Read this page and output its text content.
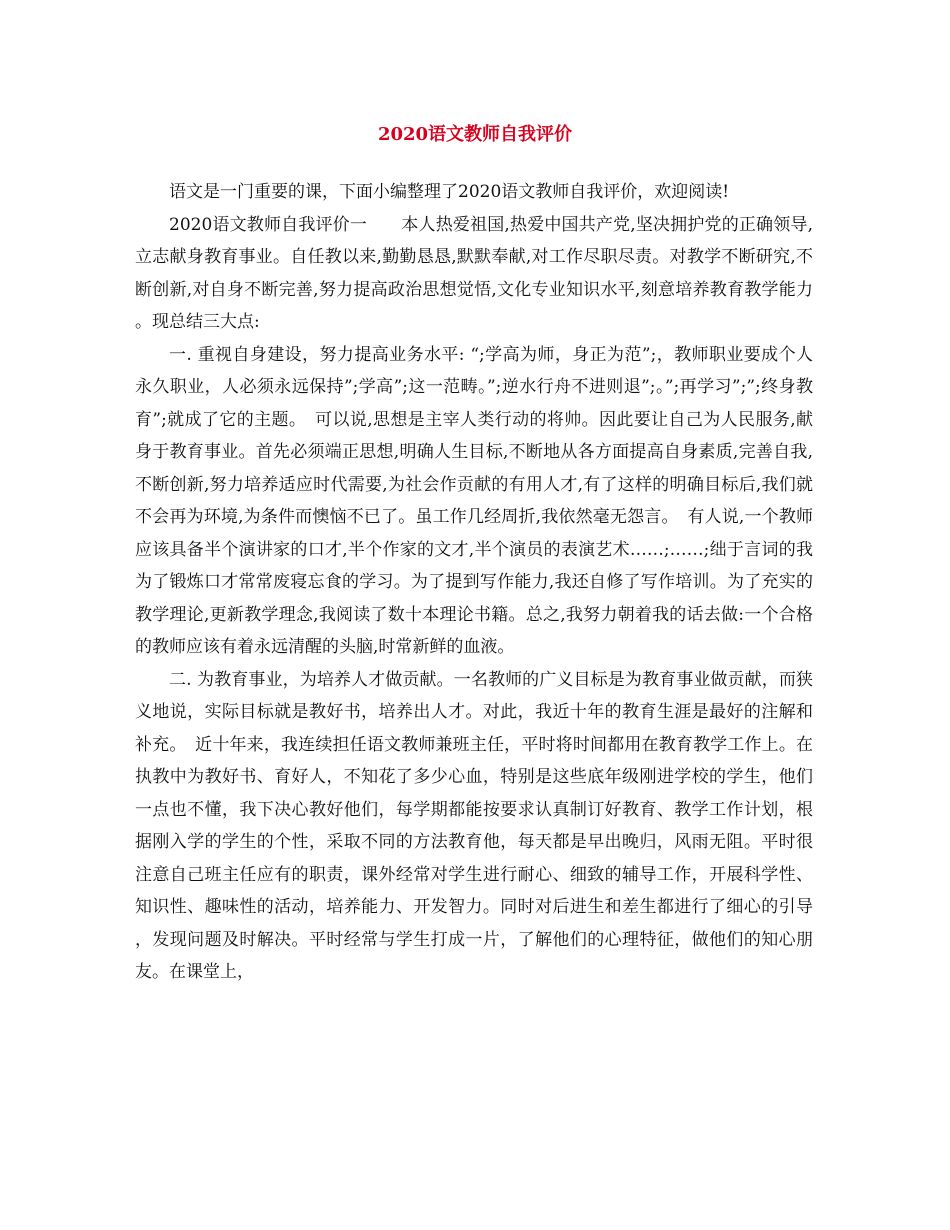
2020语文教师自我评价

语文是一门重要的课，下面小编整理了2020语文教师自我评价，欢迎阅读!

2020语文教师自我评价一　　本人热爱祖国,热爱中国共产党,坚决拥护党的正确领导,立志献身教育事业。自任教以来,勤勤恳恳,默默奉献,对工作尽职尽责。对教学不断研究,不断创新,对自身不断完善,努力提高政治思想觉悟,文化专业知识水平,刻意培养教育教学能力。现总结三大点:

一. 重视自身建设，努力提高业务水平: “;学高为师，身正为范”;，教师职业要成个人永久职业，人必须永远保持”;学高”;这一范畴。”;逆水行舟不进则退”;。”;再学习”;”;终身教育”;就成了它的主题。　可以说,思想是主宰人类行动的将帅。因此要让自己为人民服务,献身于教育事业。首先必须端正思想,明确人生目标,不断地从各方面提高自身素质,完善自我,不断创新,努力培养适应时代需要,为社会作贡献的有用人才,有了这样的明确目标后,我们就不会再为环境,为条件而懊恼不已了。虽工作几经周折,我依然毫无怨言。　有人说,一个教师应该具备半个演讲家的口才,半个作家的文才,半个演员的表演艺术……;……;绌于言词的我为了锻炼口才常常废寝忘食的学习。为了提到写作能力,我还自修了写作培训。为了充实的教学理论,更新教学理念,我阅读了数十本理论书籍。总之,我努力朝着我的话去做:一个合格的教师应该有着永远清醒的头脑,时常新鲜的血液。

二. 为教育事业，为培养人才做贡献。一名教师的广义目标是为教育事业做贡献，而狭义地说，实际目标就是教好书，培养出人才。对此，我近十年的教育生涯是最好的注解和补充。　近十年来，我连续担任语文教师兼班主任，平时将时间都用在教育教学工作上。在执教中为教好书、育好人，不知花了多少心血，特别是这些底年级刚进学校的学生，他们一点也不懂，我下决心教好他们，每学期都能按要求认真制订好教育、教学工作计划，根据刚入学的学生的个性，采取不同的方法教育他，每天都是早出晚归，风雨无阻。平时很注意自己班主任应有的职责，课外经常对学生进行耐心、细致的辅导工作，开展科学性、知识性、趣味性的活动，培养能力、开发智力。同时对后进生和差生都进行了细心的引导，发现问题及时解决。平时经常与学生打成一片，了解他们的心理特征，做他们的知心朋友。在课堂上，
